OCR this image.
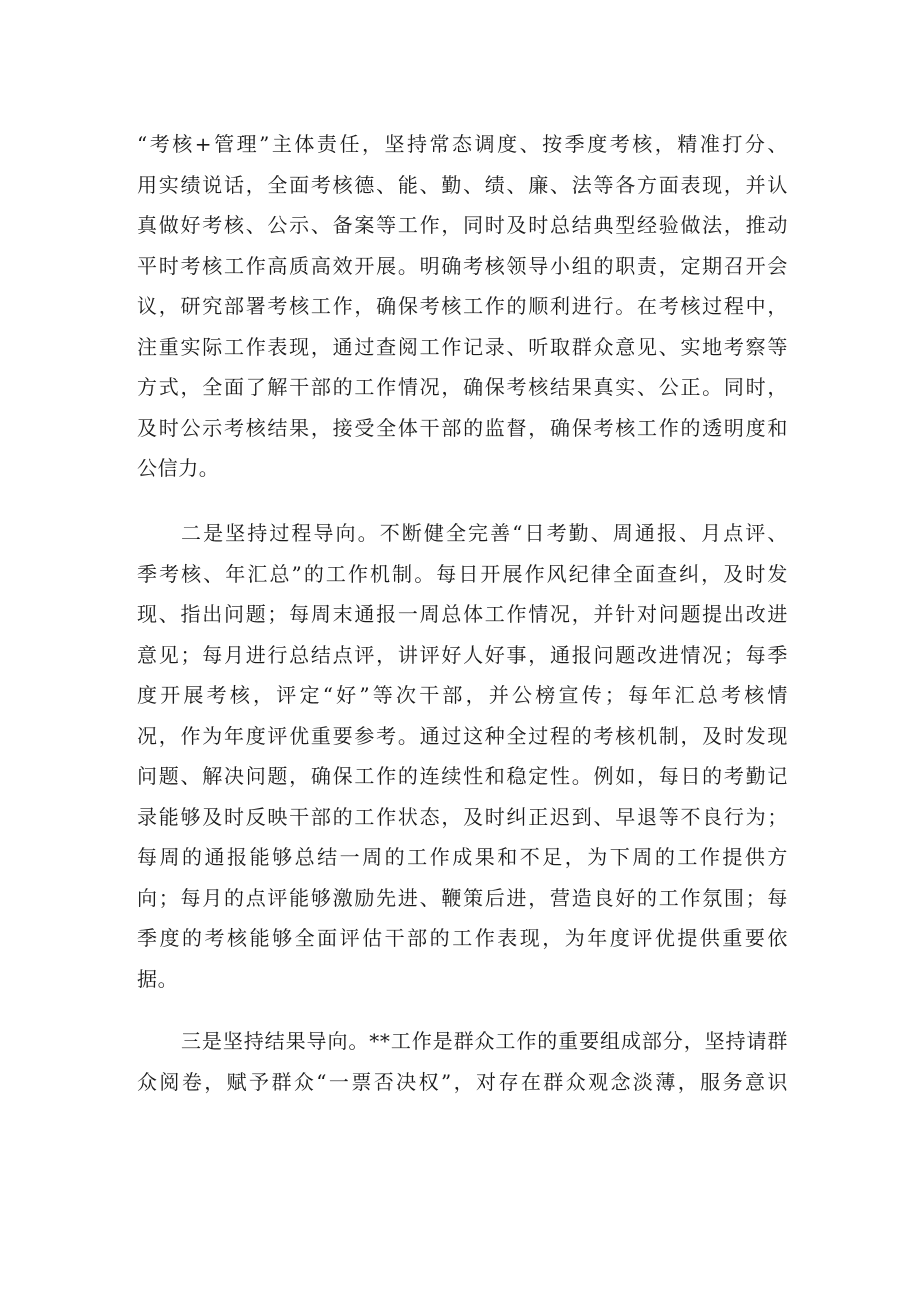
“考核+管理”主体责任，坚持常态调度、按季度考核，精准打分、
用实绩说话，全面考核德、能、勤、绩、廉、法等各方面表现，并认
真做好考核、公示、备案等工作，同时及时总结典型经验做法，推动
平时考核工作高质高效开展。明确考核领导小组的职责，定期召开会
议，研究部署考核工作，确保考核工作的顺利进行。在考核过程中，
注重实际工作表现，通过查阅工作记录、听取群众意见、实地考察等
方式，全面了解干部的工作情况，确保考核结果真实、公正。同时，
及时公示考核结果，接受全体干部的监督，确保考核工作的透明度和
公信力。
二是坚持过程导向。不断健全完善“日考勤、周通报、月点评、
季考核、年汇总”的工作机制。每日开展作风纪律全面查纠，及时发
现、指出问题；每周末通报一周总体工作情况，并针对问题提出改进
意见；每月进行总结点评，讲评好人好事，通报问题改进情况；每季
度开展考核，评定“好”等次干部，并公榜宣传；每年汇总考核情
况，作为年度评优重要参考。通过这种全过程的考核机制，及时发现
问题、解决问题，确保工作的连续性和稳定性。例如，每日的考勤记
录能够及时反映干部的工作状态，及时纠正迟到、早退等不良行为；
每周的通报能够总结一周的工作成果和不足，为下周的工作提供方
向；每月的点评能够激励先进、鞭策后进，营造良好的工作氛围；每
季度的考核能够全面评估干部的工作表现，为年度评优提供重要依
据。
三是坚持结果导向。**工作是群众工作的重要组成部分，坚持请群
众阅卷，赋予群众“一票否决权”，对存在群众观念淡薄，服务意识
